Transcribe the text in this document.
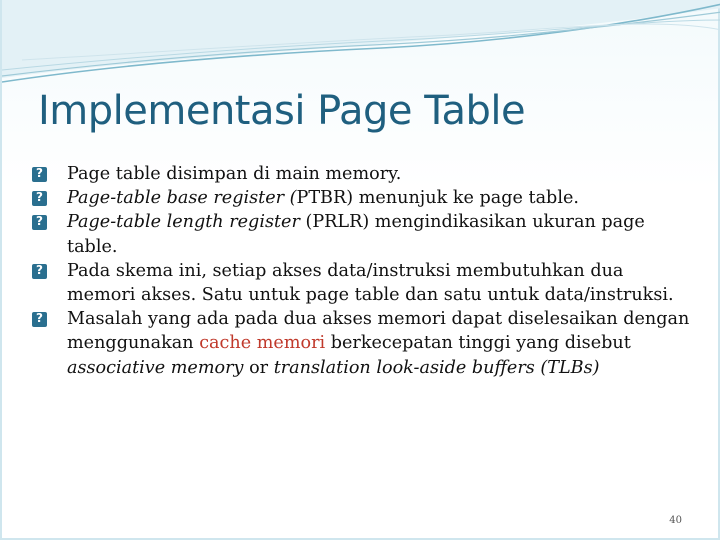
Implementasi Page Table
?
Page table disimpan di main memory.
?
Page-table base register (PTBR) menunjuk ke page table.
?
Page-table length register (PRLR) mengindikasikan ukuran page table.
?
Pada skema ini, setiap akses data/instruksi membutuhkan dua memori akses. Satu untuk page table dan satu untuk data/instruksi.
?
Masalah yang ada pada dua akses memori dapat diselesaikan dengan menggunakan cache memori berkecepatan tinggi yang disebut associative memory or translation look-aside buffers (TLBs)
40
